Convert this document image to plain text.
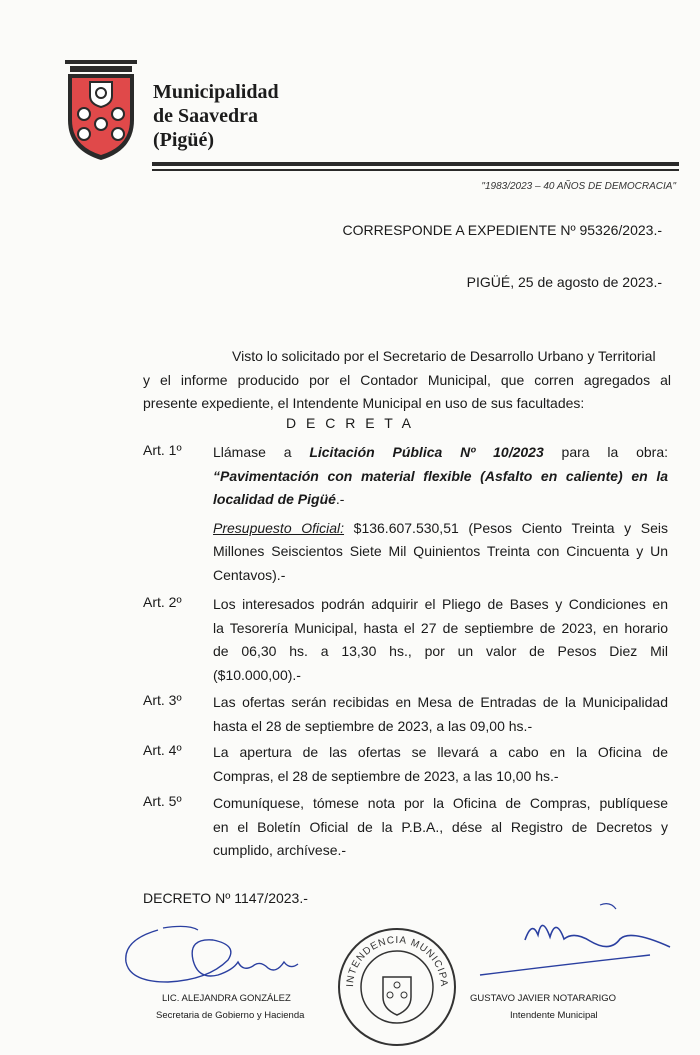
Municipalidad
de Saavedra
(Pigüé)
"1983/2023 – 40 AÑOS DE DEMOCRACIA"
CORRESPONDE A EXPEDIENTE Nº 95326/2023.-
PIGÜÉ, 25 de agosto de 2023.-
Visto lo solicitado por el Secretario de Desarrollo Urbano y Territorial
y el informe producido por el Contador Municipal, que corren agregados al
presente expediente, el Intendente Municipal en uso de sus facultades:
D E C R E T A
Art. 1º Llámase a Licitación Pública Nº 10/2023 para la obra:
“Pavimentación con material flexible (Asfalto en caliente) en la
localidad de Pigüé.-
Presupuesto Oficial: $136.607.530,51 (Pesos Ciento Treinta y Seis
Millones Seiscientos Siete Mil Quinientos Treinta con Cincuenta y Un
Centavos).-
Art. 2º Los interesados podrán adquirir el Pliego de Bases y Condiciones en
la Tesorería Municipal, hasta el 27 de septiembre de 2023, en horario
de 06,30 hs. a 13,30 hs., por un valor de Pesos Diez Mil
($10.000,00).-
Art. 3º Las ofertas serán recibidas en Mesa de Entradas de la Municipalidad
hasta el 28 de septiembre de 2023, a las 09,00 hs.-
Art. 4º La apertura de las ofertas se llevará a cabo en la Oficina de
Compras, el 28 de septiembre de 2023, a las 10,00 hs.-
Art. 5º Comuníquese, tómese nota por la Oficina de Compras, publíquese
en el Boletín Oficial de la P.B.A., dése al Registro de Decretos y
cumplido, archívese.-
DECRETO Nº 1147/2023.-
LIC. ALEJANDRA GONZÁLEZ
Secretaria de Gobierno y Hacienda
INTENDENCIA MUNICIPA
GUSTAVO JAVIER NOTARARIGO
Intendente Municipal
